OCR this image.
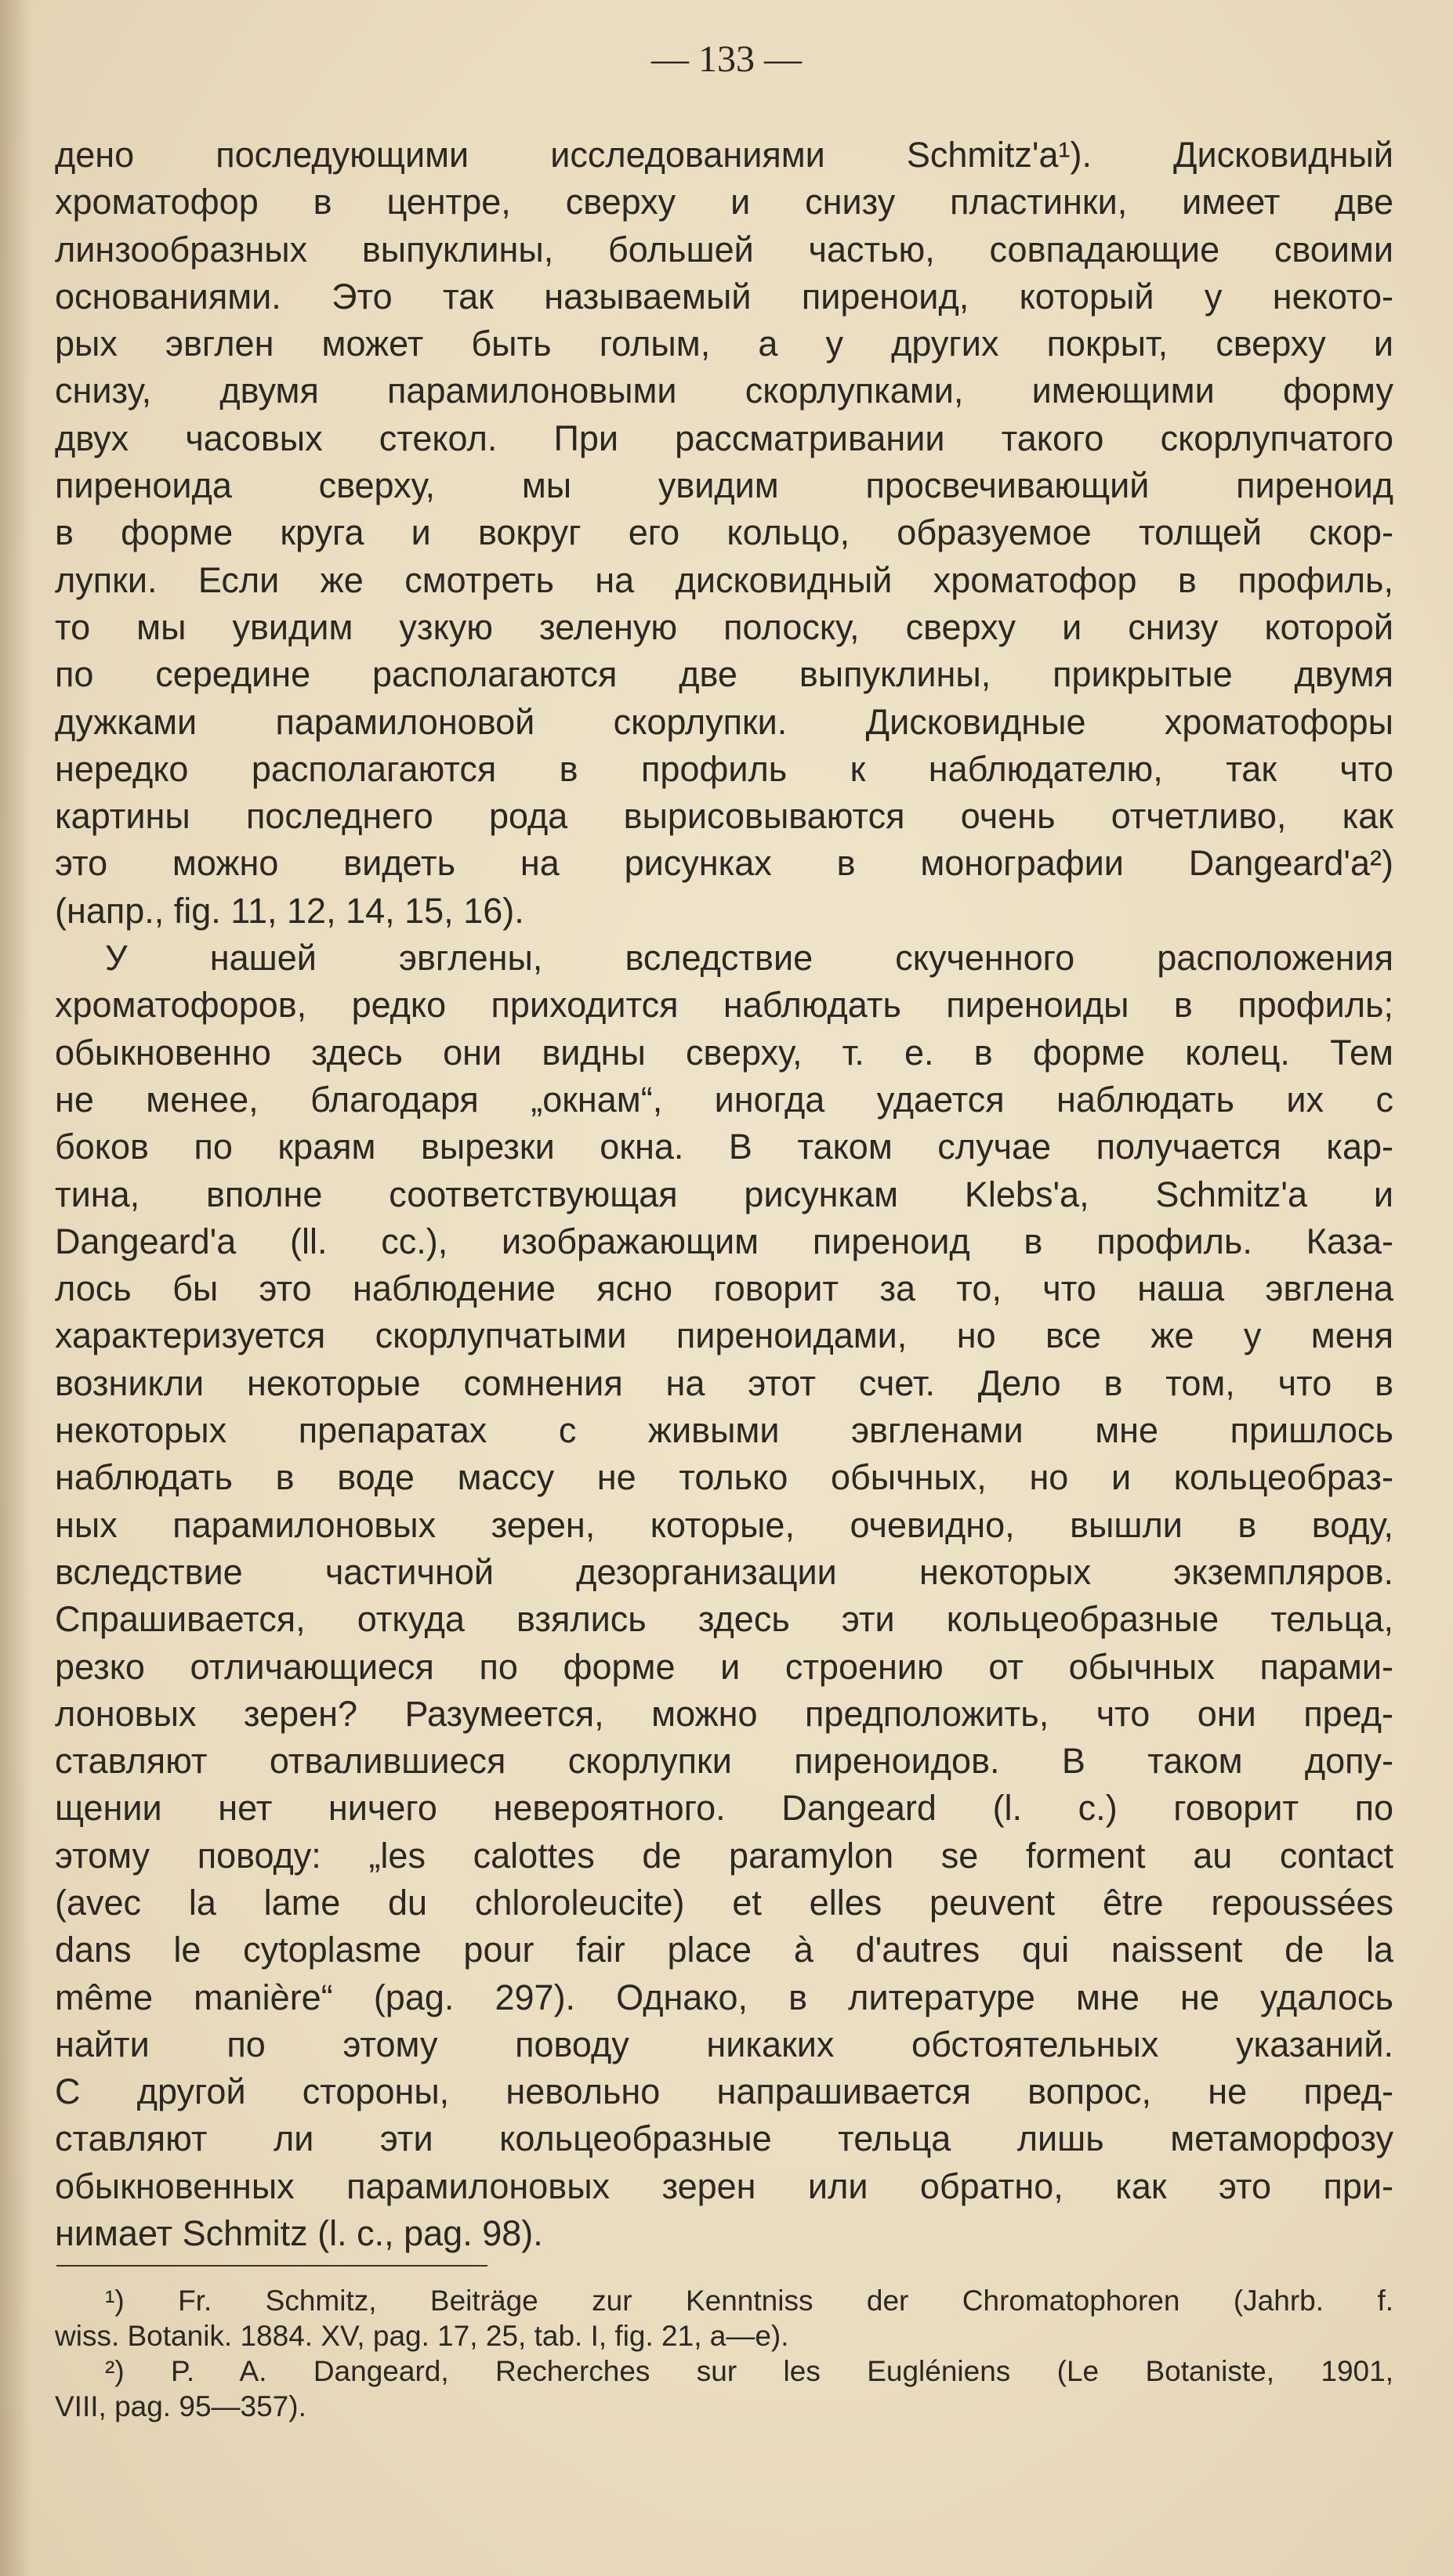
— 133 —
дено последующими исследованиями Schmitz'a¹). Дисковидный
хроматофор в центре, сверху и снизу пластинки, имеет две
линзообразных выпуклины, большей частью, совпадающие своими
основаниями. Это так называемый пиреноид, который у некото-
рых эвглен может быть голым, а у других покрыт, сверху и
снизу, двумя парамилоновыми скорлупками, имеющими форму
двух часовых стекол. При рассматривании такого скорлупчатого
пиреноида сверху, мы увидим просвечивающий пиреноид
в форме круга и вокруг его кольцо, образуемое толщей скор-
лупки. Если же смотреть на дисковидный хроматофор в профиль,
то мы увидим узкую зеленую полоску, сверху и снизу которой
по середине располагаются две выпуклины, прикрытые двумя
дужками парамилоновой скорлупки. Дисковидные хроматофоры
нередко располагаются в профиль к наблюдателю, так что
картины последнего рода вырисовываются очень отчетливо, как
это можно видеть на рисунках в монографии Dangeard'a²)
(напр., fig. 11, 12, 14, 15, 16).
У нашей эвглены, вследствие скученного расположения
хроматофоров, редко приходится наблюдать пиреноиды в профиль;
обыкновенно здесь они видны сверху, т. е. в форме колец. Тем
не менее, благодаря „окнам“, иногда удается наблюдать их с
боков по краям вырезки окна. В таком случае получается кар-
тина, вполне соответствующая рисункам Klebs'a, Schmitz'a и
Dangeard'a (ll. cc.), изображающим пиреноид в профиль. Каза-
лось бы это наблюдение ясно говорит за то, что наша эвглена
характеризуется скорлупчатыми пиреноидами, но все же у меня
возникли некоторые сомнения на этот счет. Дело в том, что в
некоторых препаратах с живыми эвгленами мне пришлось
наблюдать в воде массу не только обычных, но и кольцеобраз-
ных парамилоновых зерен, которые, очевидно, вышли в воду,
вследствие частичной дезорганизации некоторых экземпляров.
Спрашивается, откуда взялись здесь эти кольцеобразные тельца,
резко отличающиеся по форме и строению от обычных парами-
лоновых зерен? Разумеется, можно предположить, что они пред-
ставляют отвалившиеся скорлупки пиреноидов. В таком допу-
щении нет ничего невероятного. Dangeard (l. c.) говорит по
этому поводу: „les calottes de paramylon se forment au contact
(avec la lame du chloroleucite) et elles peuvent être repoussées
dans le cytoplasme pour fair place à d'autres qui naissent de la
même manière“ (pag. 297). Однако, в литературе мне не удалось
найти по этому поводу никаких обстоятельных указаний.
С другой стороны, невольно напрашивается вопрос, не пред-
ставляют ли эти кольцеобразные тельца лишь метаморфозу
обыкновенных парамилоновых зерен или обратно, как это при-
нимает Schmitz (l. c., pag. 98).
¹) Fr. Schmitz, Beiträge zur Kenntniss der Chromatophoren (Jahrb. f.
wiss. Botanik. 1884. XV, pag. 17, 25, tab. I, fig. 21, a—e).
²) P. A. Dangeard, Recherches sur les Eugléniens (Le Botaniste, 1901,
VIII, pag. 95—357).
